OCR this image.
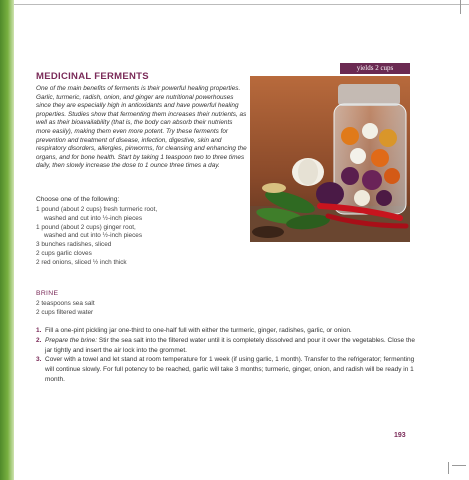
yields 2 cups
MEDICINAL FERMENTS

One of the main benefits of ferments is their powerful healing properties. Garlic, turmeric, radish, onion, and ginger are nutritional powerhouses since they are especially high in antioxidants and have powerful healing properties. Studies show that fermenting them increases their nutrients, as well as their bioavailability (that is, the body can absorb their nutrients more easily), making them even more potent. Try these ferments for prevention and treatment of disease, infection, digestive, skin and respiratory disorders, allergies, pinworms, for cleansing and enhancing the organs, and for bone health. Start by taking 1 teaspoon two to three times daily, then slowly increase the dose to 1 ounce three times a day.

Choose one of the following:

1 pound (about 2 cups) fresh turmeric root,
washed and cut into ½-inch pieces
1 pound (about 2 cups) ginger root,
washed and cut into ½-inch pieces
3 bunches radishes, sliced
2 cups garlic cloves
2 red onions, sliced ½ inch thick

BRINE

2 teaspoons sea salt
2 cups filtered water
1. Fill a one-pint pickling jar one-third to one-half full with either the turmeric, ginger, radishes, garlic, or onion.
2. Prepare the brine: Stir the sea salt into the filtered water until it is completely dissolved and pour it over the vegetables. Close the jar tightly and insert the air lock into the grommet.
3. Cover with a towel and let stand at room temperature for 1 week (if using garlic, 1 month). Transfer to the refrigerator; fermenting will continue slowly. For full potency to be reached, garlic will take 3 months; turmeric, ginger, onion, and radish will be ready in 1 month.

193
